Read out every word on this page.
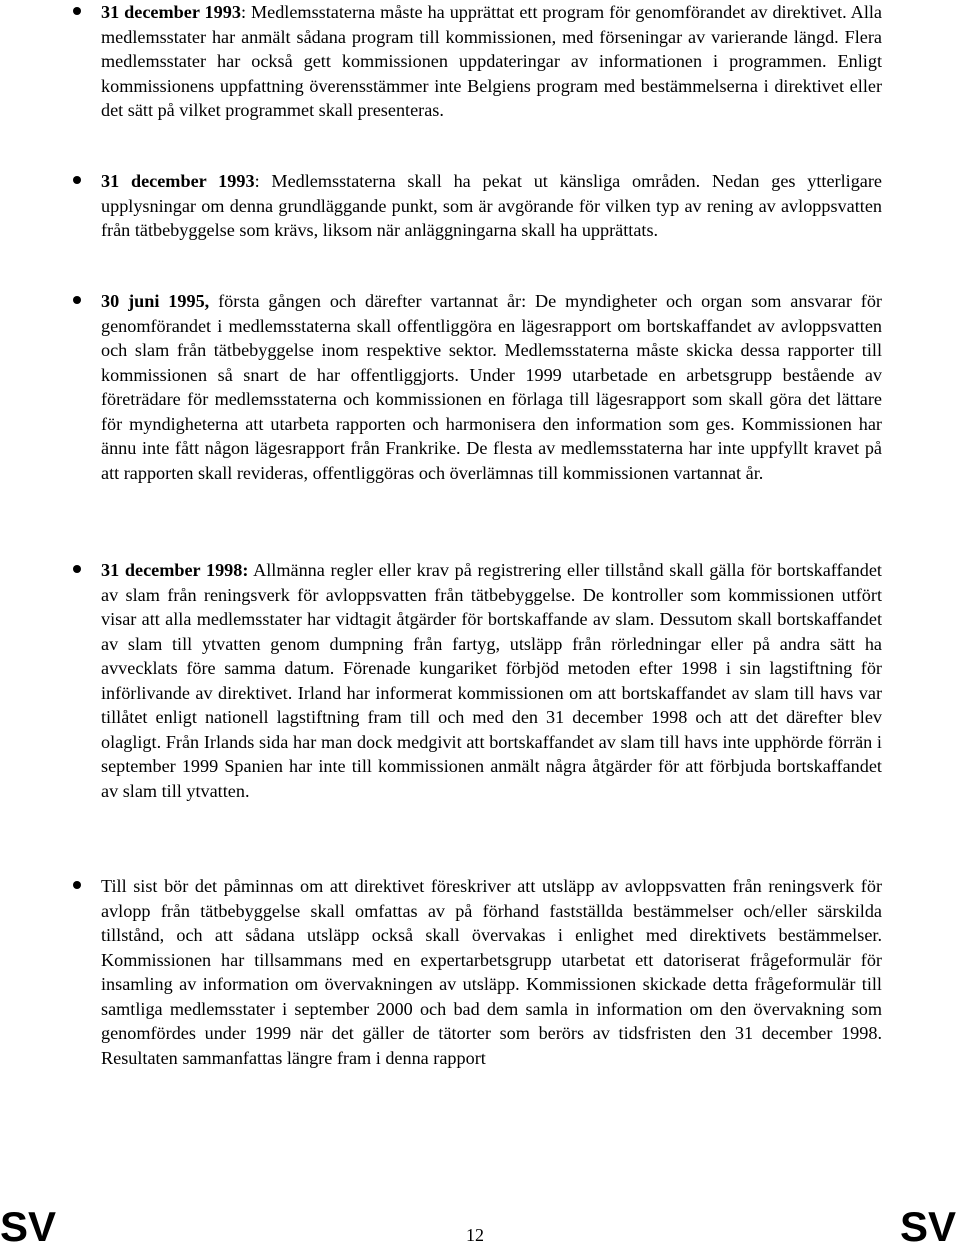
31 december 1993: Medlemsstaterna måste ha upprättat ett program för genomförandet av direktivet. Alla medlemsstater har anmält sådana program till kommissionen, med förseningar av varierande längd. Flera medlemsstater har också gett kommissionen uppdateringar av informationen i programmen. Enligt kommissionens uppfattning överensstämmer inte Belgiens program med bestämmelserna i direktivet eller det sätt på vilket programmet skall presenteras.

31 december 1993: Medlemsstaterna skall ha pekat ut känsliga områden. Nedan ges ytterligare upplysningar om denna grundläggande punkt, som är avgörande för vilken typ av rening av avloppsvatten från tätbebyggelse som krävs, liksom när anläggningarna skall ha upprättats.

30 juni 1995, första gången och därefter vartannat år: De myndigheter och organ som ansvarar för genomförandet i medlemsstaterna skall offentliggöra en lägesrapport om bortskaffandet av avloppsvatten och slam från tätbebyggelse inom respektive sektor. Medlemsstaterna måste skicka dessa rapporter till kommissionen så snart de har offentliggjorts. Under 1999 utarbetade en arbetsgrupp bestående av företrädare för medlemsstaterna och kommissionen en förlaga till lägesrapport som skall göra det lättare för myndigheterna att utarbeta rapporten och harmonisera den information som ges. Kommissionen har ännu inte fått någon lägesrapport från Frankrike. De flesta av medlemsstaterna har inte uppfyllt kravet på att rapporten skall revideras, offentliggöras och överlämnas till kommissionen vartannat år.

31 december 1998: Allmänna regler eller krav på registrering eller tillstånd skall gälla för bortskaffandet av slam från reningsverk för avloppsvatten från tätbebyggelse. De kontroller som kommissionen utfört visar att alla medlemsstater har vidtagit åtgärder för bortskaffande av slam. Dessutom skall bortskaffandet av slam till ytvatten genom dumpning från fartyg, utsläpp från rörledningar eller på andra sätt ha avvecklats före samma datum. Förenade kungariket förbjöd metoden efter 1998 i sin lagstiftning för införlivande av direktivet. Irland har informerat kommissionen om att bortskaffandet av slam till havs var tillåtet enligt nationell lagstiftning fram till och med den 31 december 1998 och att det därefter blev olagligt. Från Irlands sida har man dock medgivit att bortskaffandet av slam till havs inte upphörde förrän i september 1999 Spanien har inte till kommissionen anmält några åtgärder för att förbjuda bortskaffandet av slam till ytvatten.

Till sist bör det påminnas om att direktivet föreskriver att utsläpp av avloppsvatten från reningsverk för avlopp från tätbebyggelse skall omfattas av på förhand fastställda bestämmelser och/eller särskilda tillstånd, och att sådana utsläpp också skall övervakas i enlighet med direktivets bestämmelser. Kommissionen har tillsammans med en expertarbetsgrupp utarbetat ett datoriserat frågeformulär för insamling av information om övervakningen av utsläpp. Kommissionen skickade detta frågeformulär till samtliga medlemsstater i september 2000 och bad dem samla in information om den övervakning som genomfördes under 1999 när det gäller de tätorter som berörs av tidsfristen den 31 december 1998. Resultaten sammanfattas längre fram i denna rapport

SV	12	SV
